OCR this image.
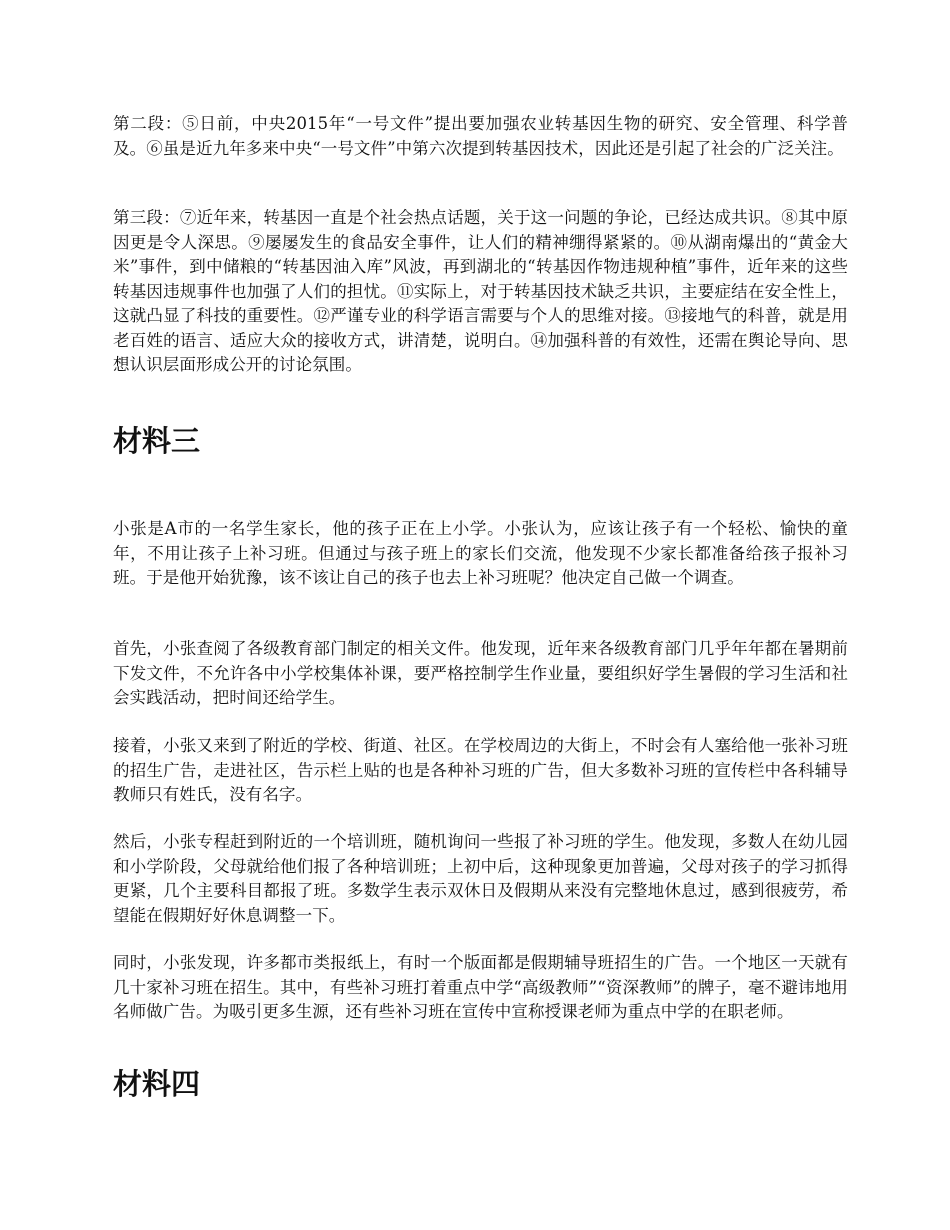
第二段：⑤日前，中央2015年“一号文件”提出要加强农业转基因生物的研究、安全管理、科学普及。⑥虽是近九年多来中央“一号文件”中第六次提到转基因技术，因此还是引起了社会的广泛关注。

第三段：⑦近年来，转基因一直是个社会热点话题，关于这一问题的争论，已经达成共识。⑧其中原因更是令人深思。⑨屡屡发生的食品安全事件，让人们的精神绷得紧紧的。⑩从湖南爆出的“黄金大米”事件，到中储粮的“转基因油入库”风波，再到湖北的“转基因作物违规种植”事件，近年来的这些转基因违规事件也加强了人们的担忧。⑪实际上，对于转基因技术缺乏共识，主要症结在安全性上，这就凸显了科技的重要性。⑫严谨专业的科学语言需要与个人的思维对接。⑬接地气的科普，就是用老百姓的语言、适应大众的接收方式，讲清楚，说明白。⑭加强科普的有效性，还需在舆论导向、思想认识层面形成公开的讨论氛围。

材料三

小张是A市的一名学生家长，他的孩子正在上小学。小张认为，应该让孩子有一个轻松、愉快的童年，不用让孩子上补习班。但通过与孩子班上的家长们交流，他发现不少家长都准备给孩子报补习班。于是他开始犹豫，该不该让自己的孩子也去上补习班呢？他决定自己做一个调查。

首先，小张查阅了各级教育部门制定的相关文件。他发现，近年来各级教育部门几乎年年都在暑期前下发文件，不允许各中小学校集体补课，要严格控制学生作业量，要组织好学生暑假的学习生活和社会实践活动，把时间还给学生。

接着，小张又来到了附近的学校、街道、社区。在学校周边的大街上，不时会有人塞给他一张补习班的招生广告，走进社区，告示栏上贴的也是各种补习班的广告，但大多数补习班的宣传栏中各科辅导教师只有姓氏，没有名字。

然后，小张专程赶到附近的一个培训班，随机询问一些报了补习班的学生。他发现，多数人在幼儿园和小学阶段，父母就给他们报了各种培训班；上初中后，这种现象更加普遍，父母对孩子的学习抓得更紧，几个主要科目都报了班。多数学生表示双休日及假期从来没有完整地休息过，感到很疲劳，希望能在假期好好休息调整一下。

同时，小张发现，许多都市类报纸上，有时一个版面都是假期辅导班招生的广告。一个地区一天就有几十家补习班在招生。其中，有些补习班打着重点中学“高级教师”“资深教师”的牌子，毫不避讳地用名师做广告。为吸引更多生源，还有些补习班在宣传中宣称授课老师为重点中学的在职老师。

材料四
